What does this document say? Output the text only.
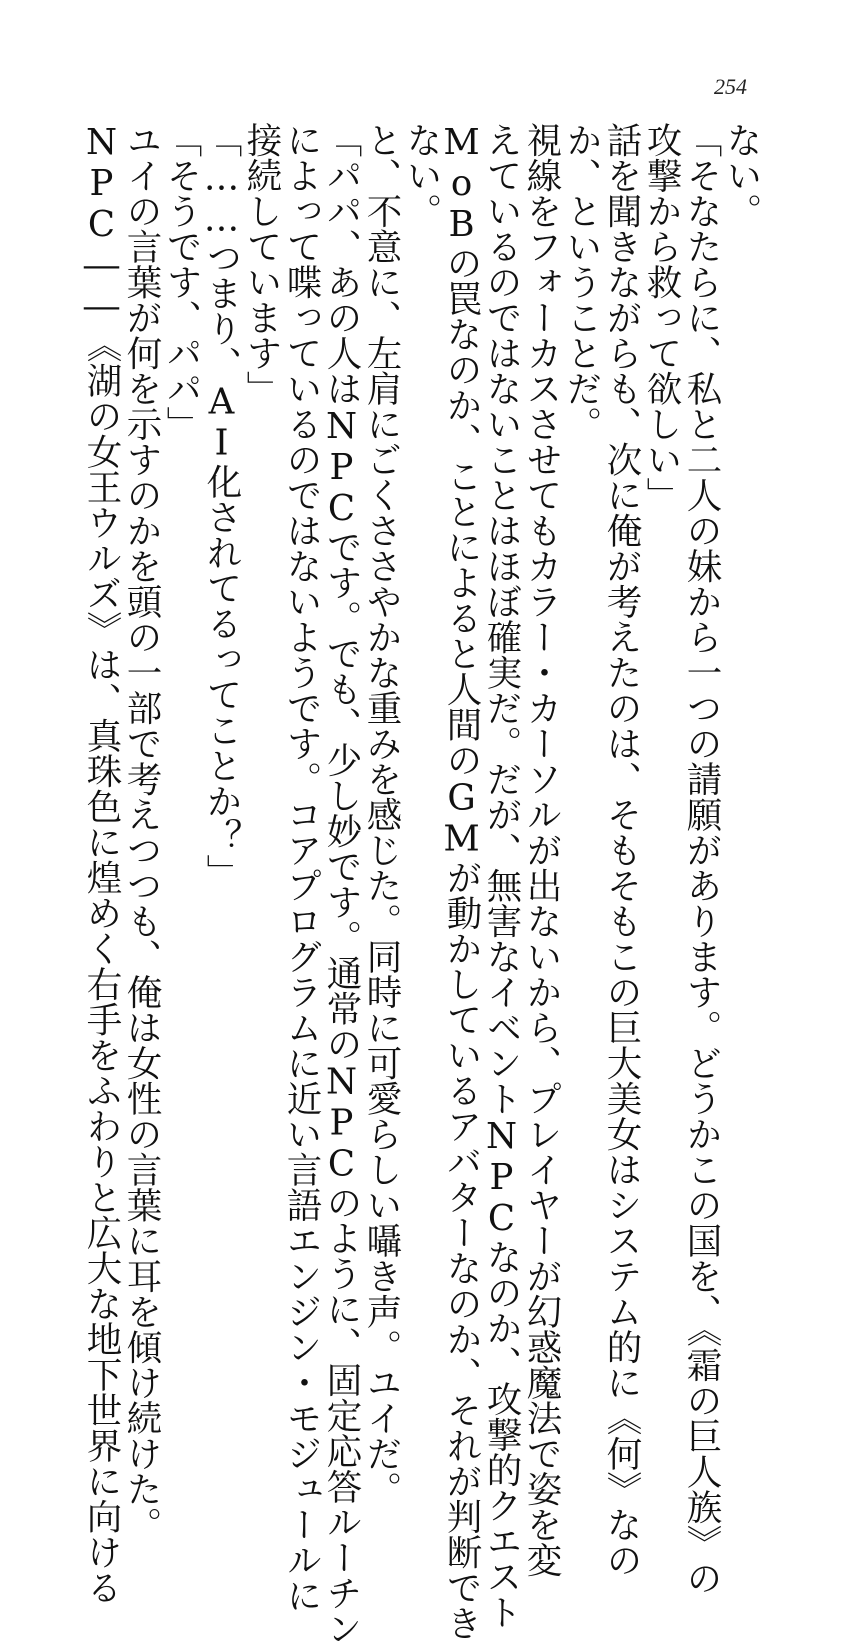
254
ない。
「そなたらに、私と二人の妹から一つの請願があります。どうかこの国を、《霜の巨人族》の
攻撃から救って欲しい」
話を聞きながらも、次に俺が考えたのは、そもそもこの巨大美女はシステム的に《何》なの
か、ということだ。
視線をフォーカスさせてもカラー・カーソルが出ないから、プレイヤーが幻惑魔法で姿を変
えているのではないことはほぼ確実だ。だが、無害なイベントNPCなのか、攻撃的クエスト
MoBの罠なのか、ことによると人間のGMが動かしているアバターなのか、それが判断でき
ない。
と、不意に、左肩にごくささやかな重みを感じた。同時に可愛らしい囁き声。ユイだ。
「パパ、あの人はNPCです。でも、少し妙です。通常のNPCのように、固定応答ルーチン
によって喋っているのではないようです。コアプログラムに近い言語エンジン・モジュールに
接続しています」
「……つまり、AI化されてるってことか？」
「そうです、パパ」
ユイの言葉が何を示すのかを頭の一部で考えつつも、俺は女性の言葉に耳を傾け続けた。
NPC――《湖の女王ウルズ》は、真珠色に煌めく右手をふわりと広大な地下世界に向ける
